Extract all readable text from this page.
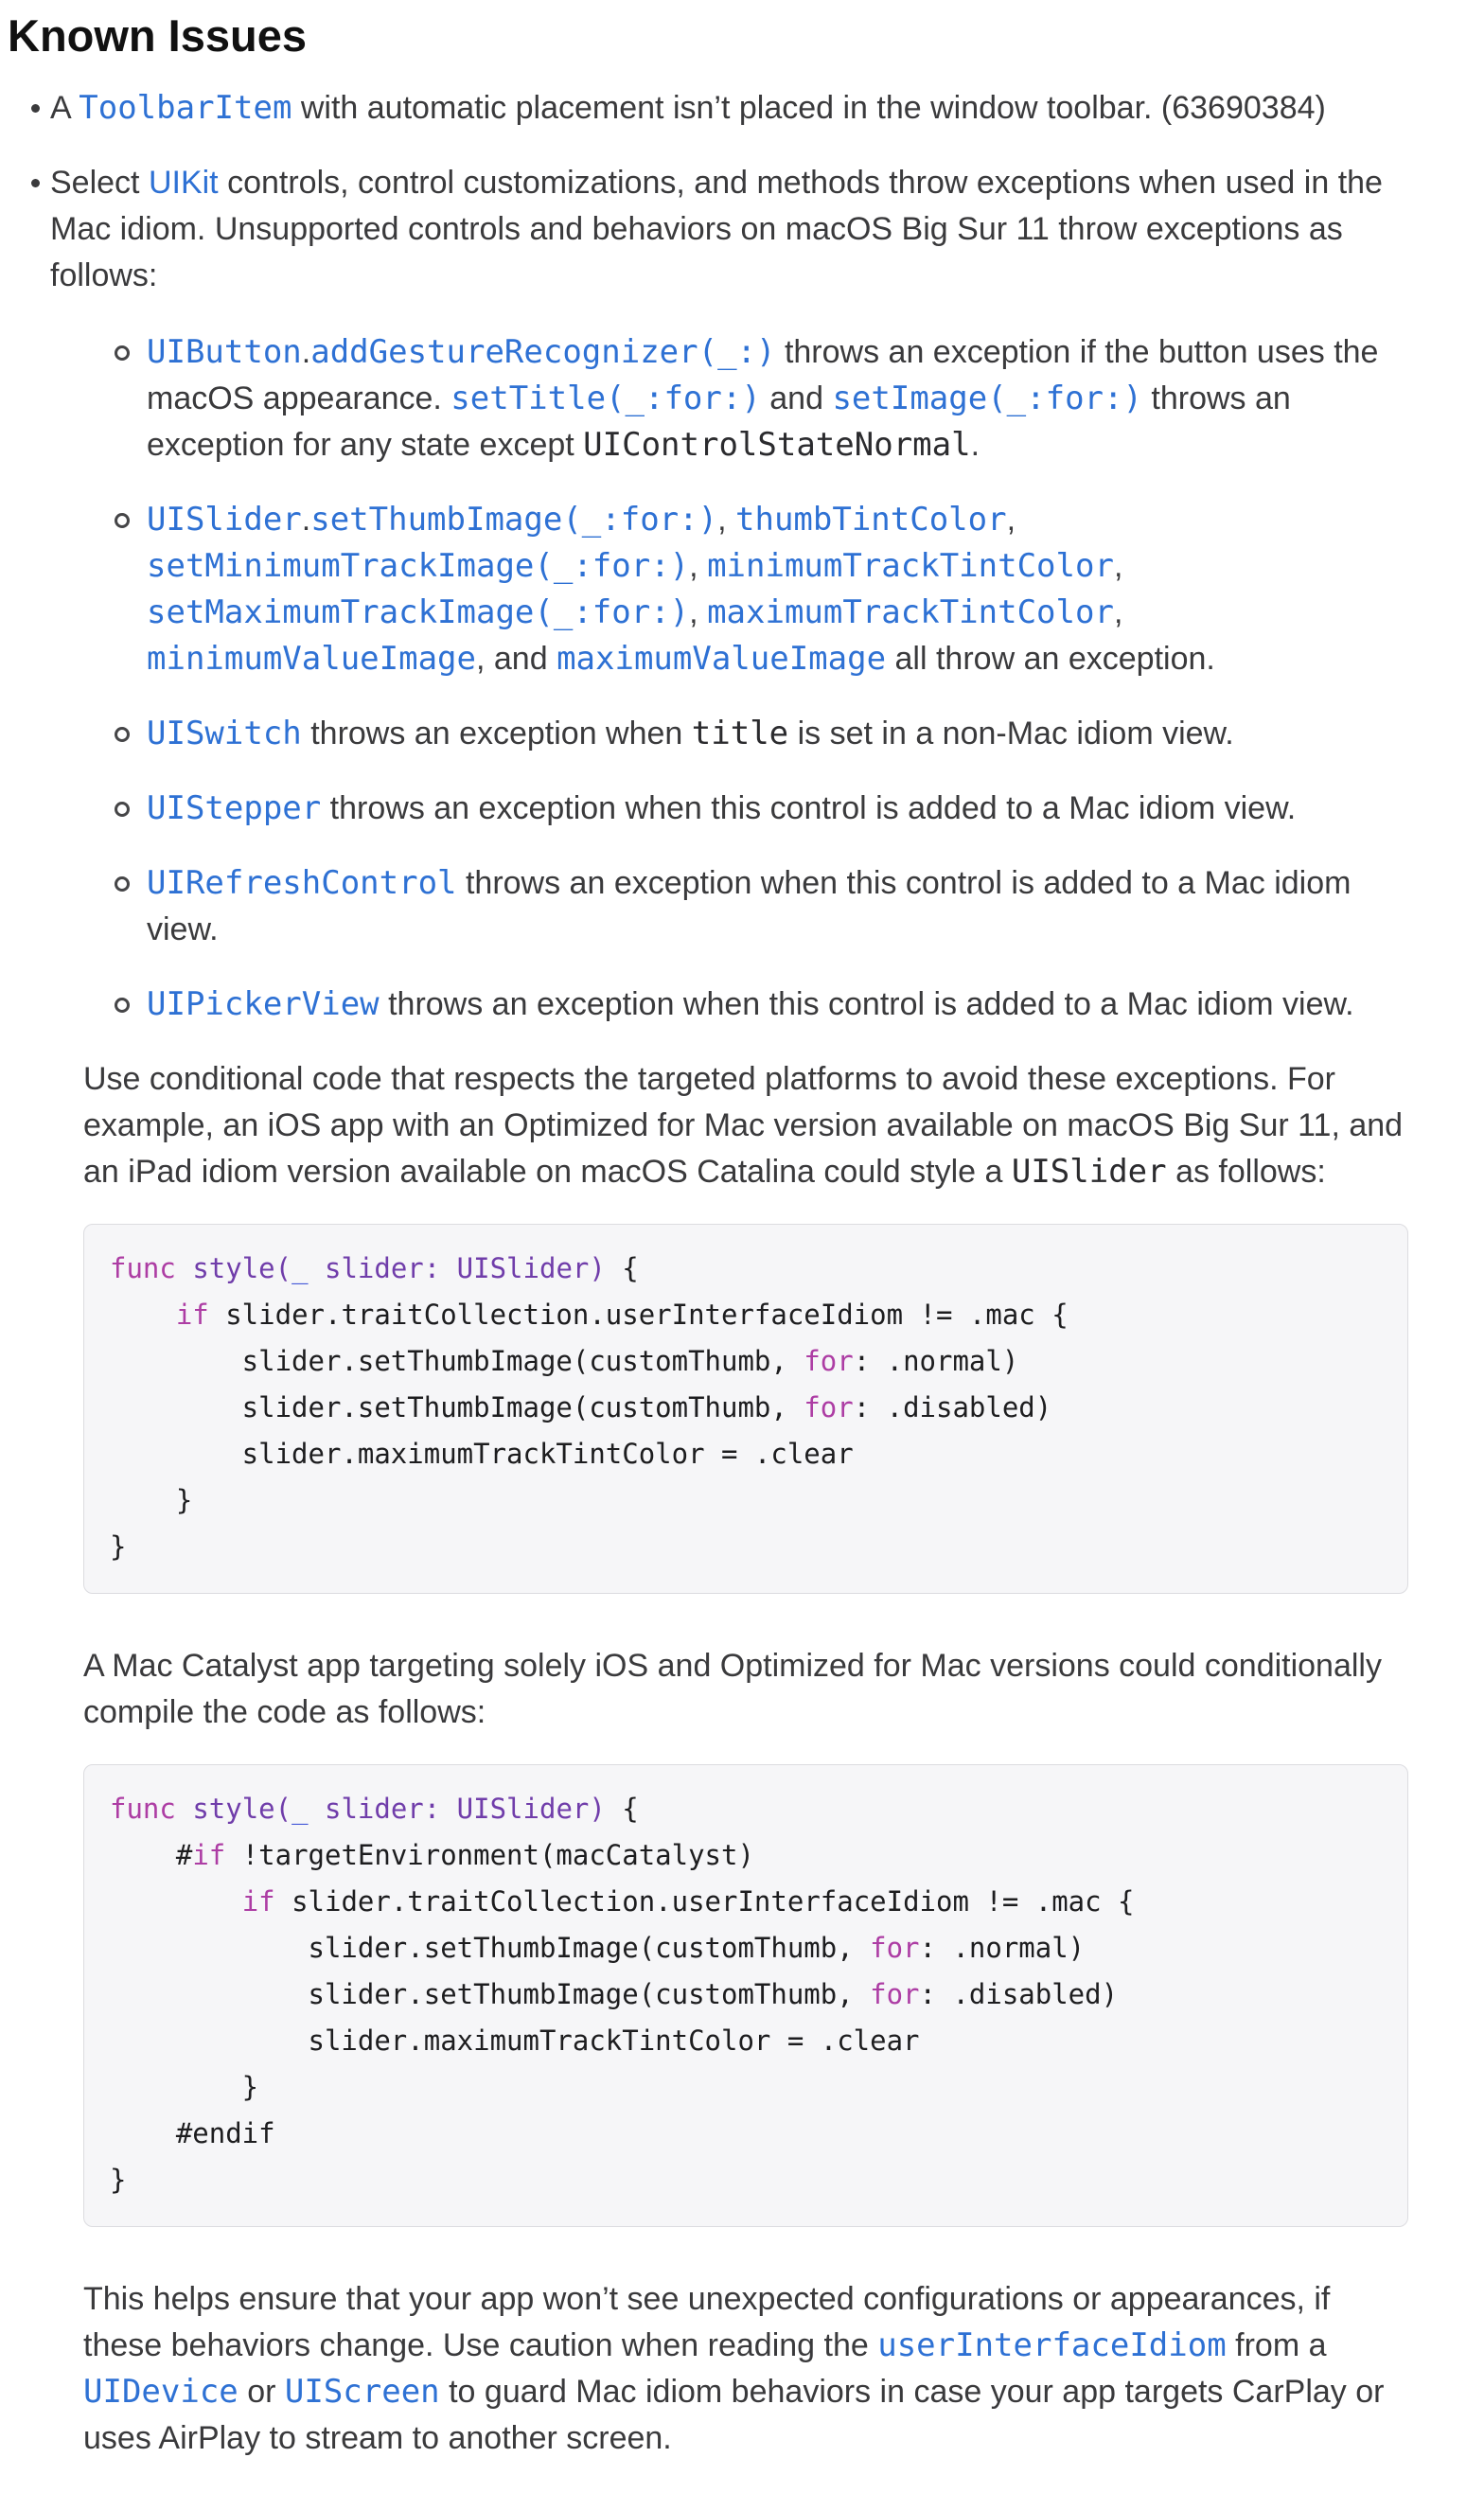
Known Issues
A ToolbarItem with automatic placement isn’t placed in the window toolbar. (63690384)
Select UIKit controls, control customizations, and methods throw exceptions when used in the Mac idiom. Unsupported controls and behaviors on macOS Big Sur 11 throw exceptions as follows:
UIButton.addGestureRecognizer(_:) throws an exception if the button uses the macOS appearance. setTitle(_:for:) and setImage(_:for:) throws an exception for any state except UIControlStateNormal.
UISlider.setThumbImage(_:for:), thumbTintColor, setMinimumTrackImage(_:for:), minimumTrackTintColor, setMaximumTrackImage(_:for:), maximumTrackTintColor, minimumValueImage, and maximumValueImage all throw an exception.
UISwitch throws an exception when title is set in a non-Mac idiom view.
UIStepper throws an exception when this control is added to a Mac idiom view.
UIRefreshControl throws an exception when this control is added to a Mac idiom view.
UIPickerView throws an exception when this control is added to a Mac idiom view.

Use conditional code that respects the targeted platforms to avoid these exceptions. For example, an iOS app with an Optimized for Mac version available on macOS Big Sur 11, and an iPad idiom version available on macOS Catalina could style a UISlider as follows:

func style(_ slider: UISlider) {
if slider.traitCollection.userInterfaceIdiom != .mac {
slider.setThumbImage(customThumb, for: .normal)
slider.setThumbImage(customThumb, for: .disabled)
slider.maximumTrackTintColor = .clear
}
}

A Mac Catalyst app targeting solely iOS and Optimized for Mac versions could conditionally compile the code as follows:

func style(_ slider: UISlider) {
#if !targetEnvironment(macCatalyst)
if slider.traitCollection.userInterfaceIdiom != .mac {
slider.setThumbImage(customThumb, for: .normal)
slider.setThumbImage(customThumb, for: .disabled)
slider.maximumTrackTintColor = .clear
}
#endif
}

This helps ensure that your app won’t see unexpected configurations or appearances, if these behaviors change. Use caution when reading the userInterfaceIdiom from a UIDevice or UIScreen to guard Mac idiom behaviors in case your app targets CarPlay or uses AirPlay to stream to another screen.
